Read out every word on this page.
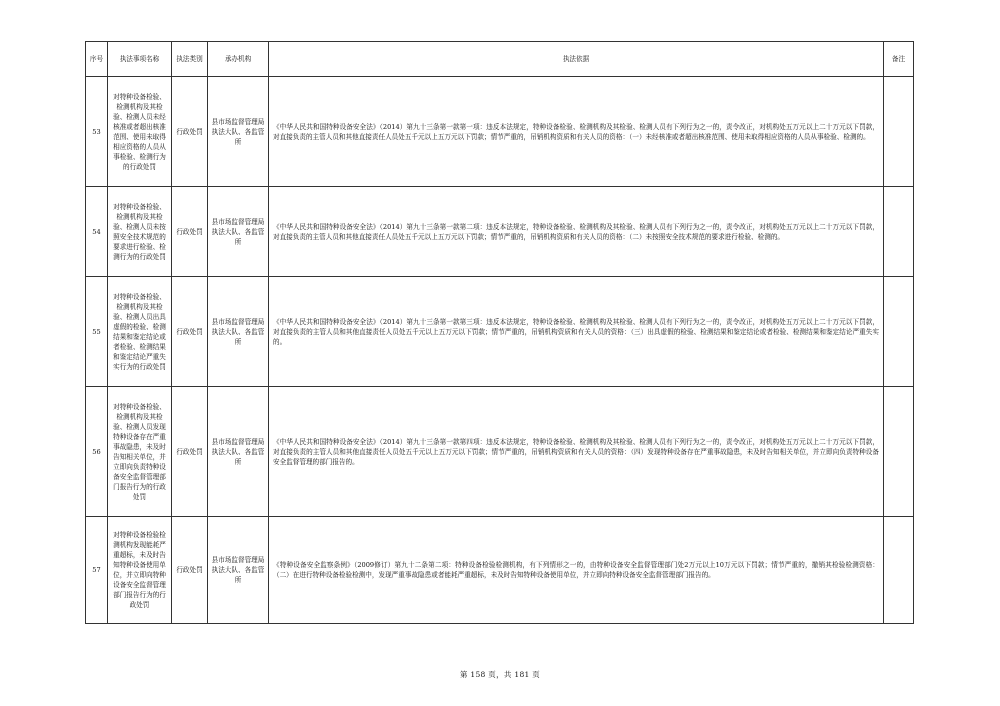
序号	执法事项名称	执法类别	承办机构	执法依据	备注
53	对特种设备检验、检测机构及其检验、检测人员未经核准或者超出核准范围、使用未取得相应资格的人员从事检验、检测行为的行政处罚	行政处罚	县市场监督管理局执法大队、各监管所	《中华人民共和国特种设备安全法》（2014）第九十三条第一款第一项：违反本法规定，特种设备检验、检测机构及其检验、检测人员有下列行为之一的，责令改正，对机构处五万元以上二十万元以下罚款，对直接负责的主管人员和其他直接责任人员处五千元以上五万元以下罚款；情节严重的，吊销机构资质和有关人员的资格：（一）未经核准或者超出核准范围、使用未取得相应资格的人员从事检验、检测的。	
54	对特种设备检验、检测机构及其检验、检测人员未按照安全技术规范的要求进行检验、检测行为的行政处罚	行政处罚	县市场监督管理局执法大队、各监管所	《中华人民共和国特种设备安全法》（2014）第九十三条第一款第二项：违反本法规定，特种设备检验、检测机构及其检验、检测人员有下列行为之一的，责令改正，对机构处五万元以上二十万元以下罚款，对直接负责的主管人员和其他直接责任人员处五千元以上五万元以下罚款；情节严重的，吊销机构资质和有关人员的资格：（二）未按照安全技术规范的要求进行检验、检测的。	
55	对特种设备检验、检测机构及其检验、检测人员出具虚假的检验、检测结果和鉴定结论或者检验、检测结果和鉴定结论严重失实行为的行政处罚	行政处罚	县市场监督管理局执法大队、各监管所	《中华人民共和国特种设备安全法》（2014）第九十三条第一款第三项：违反本法规定，特种设备检验、检测机构及其检验、检测人员有下列行为之一的，责令改正，对机构处五万元以上二十万元以下罚款，对直接负责的主管人员和其他直接责任人员处五千元以上五万元以下罚款；情节严重的，吊销机构资质和有关人员的资格：（三）出具虚假的检验、检测结果和鉴定结论或者检验、检测结果和鉴定结论严重失实的。	
56	对特种设备检验、检测机构及其检验、检测人员发现特种设备存在严重事故隐患，未及时告知相关单位，并立即向负责特种设备安全监督管理部门报告行为的行政处罚	行政处罚	县市场监督管理局执法大队、各监管所	《中华人民共和国特种设备安全法》（2014）第九十三条第一款第四项：违反本法规定，特种设备检验、检测机构及其检验、检测人员有下列行为之一的，责令改正，对机构处五万元以上二十万元以下罚款，对直接负责的主管人员和其他直接责任人员处五千元以上五万元以下罚款；情节严重的，吊销机构资质和有关人员的资格：（四）发现特种设备存在严重事故隐患，未及时告知相关单位，并立即向负责特种设备安全监督管理的部门报告的。	
57	对特种设备检验检测机构发现能耗严重超标，未及时告知特种设备使用单位，并立即向特种设备安全监督管理部门报告行为的行政处罚	行政处罚	县市场监督管理局执法大队、各监管所	《特种设备安全监察条例》（2009修订）第九十二条第二项：特种设备检验检测机构，有下列情形之一的，由特种设备安全监督管理部门处2万元以上10万元以下罚款；情节严重的，撤销其检验检测资格：（二）在进行特种设备检验检测中，发现严重事故隐患或者能耗严重超标，未及时告知特种设备使用单位，并立即向特种设备安全监督管理部门报告的。	
第 158 页，共 181 页
